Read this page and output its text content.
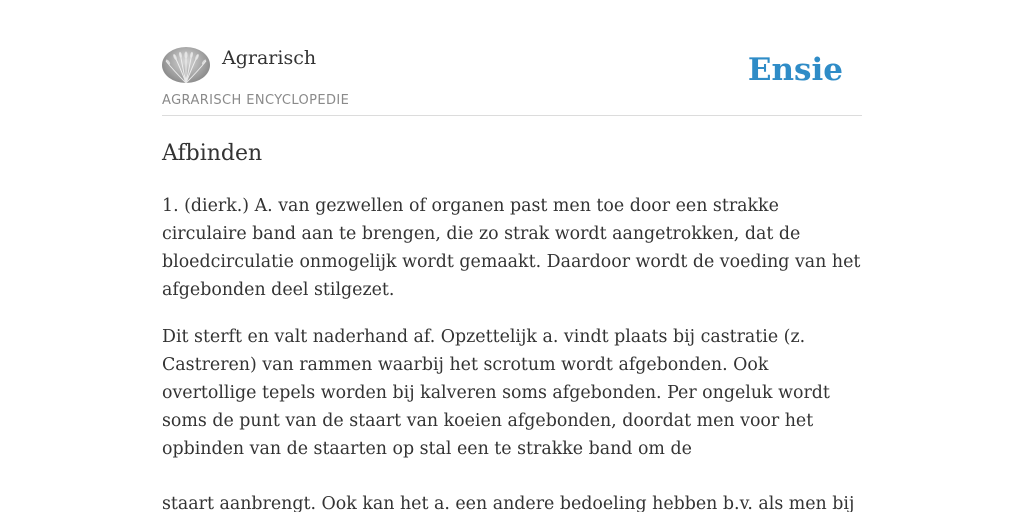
Agrarisch
AGRARISCH ENCYCLOPEDIE
Ensie
Afbinden

1. (dierk.) A. van gezwellen of organen past men toe door een strakke circulaire band aan te brengen, die zo strak wordt aangetrokken, dat de bloedcirculatie onmogelijk wordt gemaakt. Daardoor wordt de voeding van het afgebonden deel stilgezet.

Dit sterft en valt naderhand af. Opzettelijk a. vindt plaats bij castratie (z. Castreren) van rammen waarbij het scrotum wordt afgebonden. Ook overtollige tepels worden bij kalveren soms afgebonden. Per ongeluk wordt soms de punt van de staart van koeien afgebonden, doordat men voor het opbinden van de staarten op stal een te strakke band om de

staart aanbrengt. Ook kan het a. een andere bedoeling hebben b.v. als men bij
